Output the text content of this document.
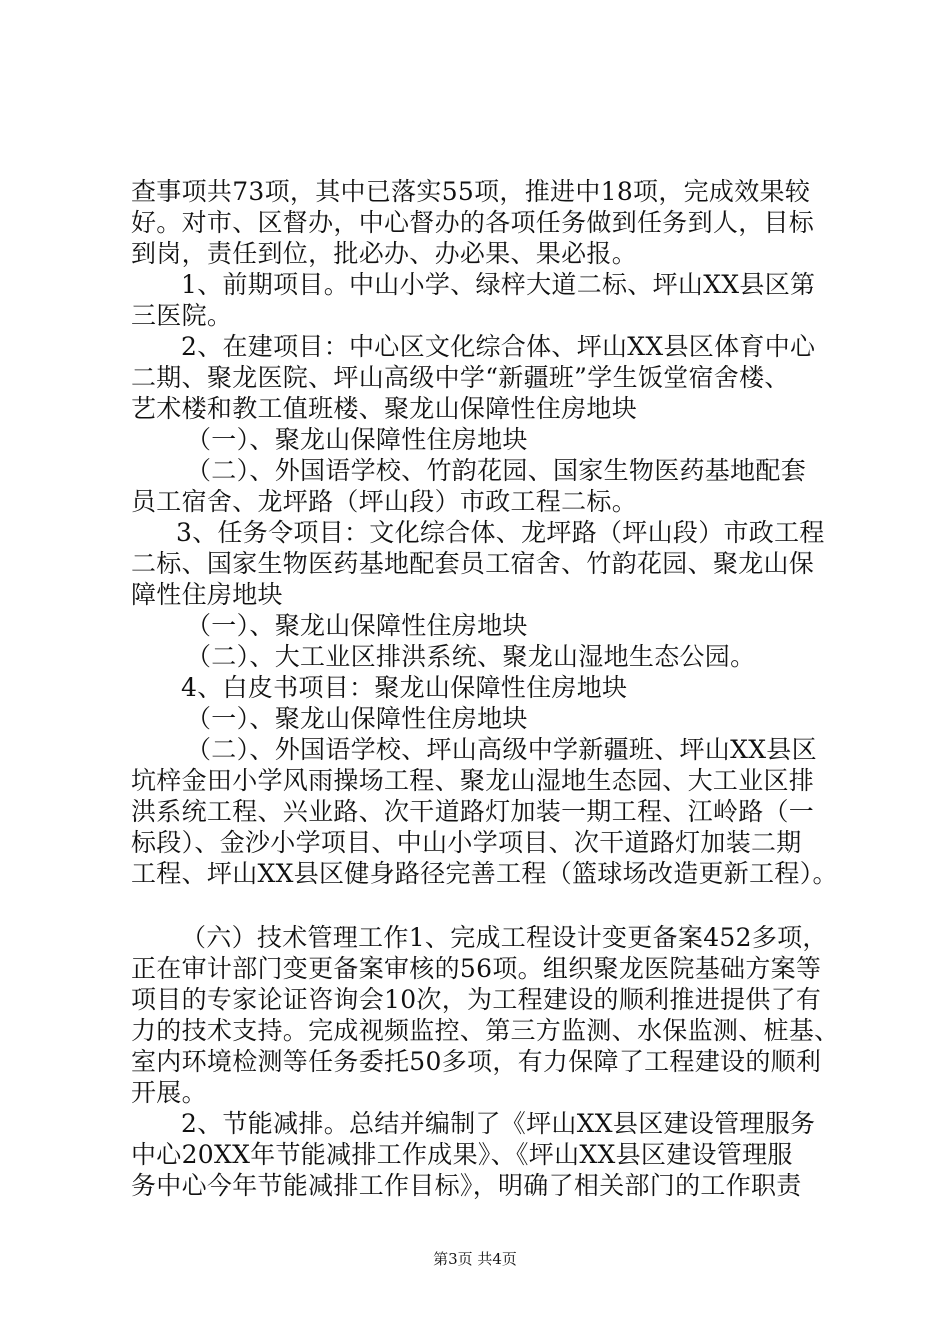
查事项共73项，其中已落实55项，推进中18项，完成效果较
好。对市、区督办，中心督办的各项任务做到任务到人，目标
到岗，责任到位，批必办、办必果、果必报。
1、前期项目。中山小学、绿梓大道二标、坪山XX县区第
三医院。
2、在建项目：中心区文化综合体、坪山XX县区体育中心
二期、聚龙医院、坪山高级中学“新疆班”学生饭堂宿舍楼、
艺术楼和教工值班楼、聚龙山保障性住房地块
（一）、聚龙山保障性住房地块
（二）、外国语学校、竹韵花园、国家生物医药基地配套
员工宿舍、龙坪路（坪山段）市政工程二标。
3、任务令项目：文化综合体、龙坪路（坪山段）市政工程
二标、国家生物医药基地配套员工宿舍、竹韵花园、聚龙山保
障性住房地块
（一）、聚龙山保障性住房地块
（二）、大工业区排洪系统、聚龙山湿地生态公园。
4、白皮书项目：聚龙山保障性住房地块
（一）、聚龙山保障性住房地块
（二）、外国语学校、坪山高级中学新疆班、坪山XX县区
坑梓金田小学风雨操场工程、聚龙山湿地生态园、大工业区排
洪系统工程、兴业路、次干道路灯加装一期工程、江岭路（一
标段）、金沙小学项目、中山小学项目、次干道路灯加装二期
工程、坪山XX县区健身路径完善工程（篮球场改造更新工程）。
（六）技术管理工作1、完成工程设计变更备案452多项，
正在审计部门变更备案审核的56项。组织聚龙医院基础方案等
项目的专家论证咨询会10次，为工程建设的顺利推进提供了有
力的技术支持。完成视频监控、第三方监测、水保监测、桩基、
室内环境检测等任务委托50多项，有力保障了工程建设的顺利
开展。
2、节能减排。总结并编制了《坪山XX县区建设管理服务
中心20XX年节能减排工作成果》、《坪山XX县区建设管理服
务中心今年节能减排工作目标》，明确了相关部门的工作职责
第3页 共4页
